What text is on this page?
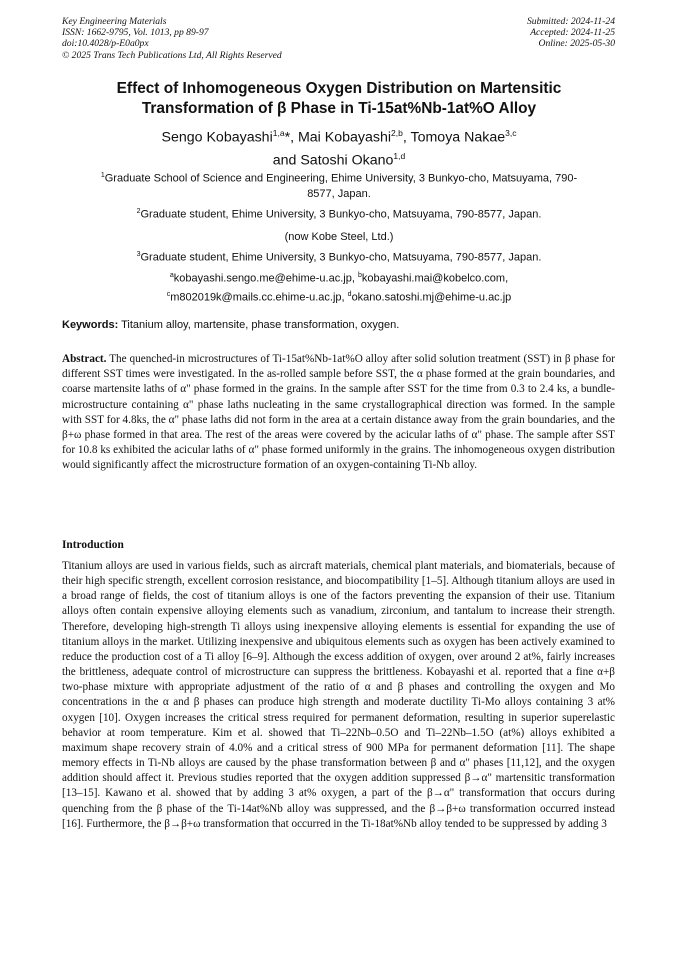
Key Engineering Materials
ISSN: 1662-9795, Vol. 1013, pp 89-97
doi:10.4028/p-E0a0px
© 2025 Trans Tech Publications Ltd, All Rights Reserved
Submitted: 2024-11-24
Accepted: 2024-11-25
Online: 2025-05-30
Effect of Inhomogeneous Oxygen Distribution on Martensitic
Transformation of β Phase in Ti-15at%Nb-1at%O Alloy
Sengo Kobayashi$^{1,a}$*, Mai Kobayashi$^{2,b}$, Tomoya Nakae$^{3,c}$
and Satoshi Okano$^{1,d}$
$^1$Graduate School of Science and Engineering, Ehime University, 3 Bunkyo-cho, Matsuyama, 790-
8577, Japan.
$^2$Graduate student, Ehime University, 3 Bunkyo-cho, Matsuyama, 790-8577, Japan.
(now Kobe Steel, Ltd.)
$^3$Graduate student, Ehime University, 3 Bunkyo-cho, Matsuyama, 790-8577, Japan.
$^a$kobayashi.sengo.me@ehime-u.ac.jp, $^b$kobayashi.mai@kobelco.com,
$^c$m802019k@mails.cc.ehime-u.ac.jp, $^d$okano.satoshi.mj@ehime-u.ac.jp
Keywords: Titanium alloy, martensite, phase transformation, oxygen.

Abstract. The quenched-in microstructures of Ti-15at%Nb-1at%O alloy after solid solution treatment (SST) in β phase for different SST times were investigated. In the as-rolled sample before SST, the α phase formed at the grain boundaries, and coarse martensite laths of α" phase formed in the grains. In the sample after SST for the time from 0.3 to 2.4 ks, a bundle-microstructure containing α" phase laths nucleating in the same crystallographical direction was formed. In the sample with SST for 4.8ks, the α" phase laths did not form in the area at a certain distance away from the grain boundaries, and the β+ω phase formed in that area. The rest of the areas were covered by the acicular laths of α" phase. The sample after SST for 10.8 ks exhibited the acicular laths of α" phase formed uniformly in the grains. The inhomogeneous oxygen distribution would significantly affect the microstructure formation of an oxygen-containing Ti-Nb alloy.

Introduction

Titanium alloys are used in various fields, such as aircraft materials, chemical plant materials, and biomaterials, because of their high specific strength, excellent corrosion resistance, and biocompatibility [1–5]. Although titanium alloys are used in a broad range of fields, the cost of titanium alloys is one of the factors preventing the expansion of their use. Titanium alloys often contain expensive alloying elements such as vanadium, zirconium, and tantalum to increase their strength. Therefore, developing high-strength Ti alloys using inexpensive alloying elements is essential for expanding the use of titanium alloys in the market. Utilizing inexpensive and ubiquitous elements such as oxygen has been actively examined to reduce the production cost of a Ti alloy [6–9]. Although the excess addition of oxygen, over around 2 at%, fairly increases the brittleness, adequate control of microstructure can suppress the brittleness. Kobayashi et al. reported that a fine α+β two-phase mixture with appropriate adjustment of the ratio of α and β phases and controlling the oxygen and Mo concentrations in the α and β phases can produce high strength and moderate ductility Ti-Mo alloys containing 3 at% oxygen [10]. Oxygen increases the critical stress required for permanent deformation, resulting in superior superelastic behavior at room temperature. Kim et al. showed that Ti–22Nb–0.5O and Ti–22Nb–1.5O (at%) alloys exhibited a maximum shape recovery strain of 4.0% and a critical stress of 900 MPa for permanent deformation [11]. The shape memory effects in Ti-Nb alloys are caused by the phase transformation between β and α" phases [11,12], and the oxygen addition should affect it. Previous studies reported that the oxygen addition suppressed β→α" martensitic transformation [13–15]. Kawano et al. showed that by adding 3 at% oxygen, a part of the β→α" transformation that occurs during quenching from the β phase of the Ti-14at%Nb alloy was suppressed, and the β→β+ω transformation occurred instead [16]. Furthermore, the β→β+ω transformation that occurred in the Ti-18at%Nb alloy tended to be suppressed by adding 3
